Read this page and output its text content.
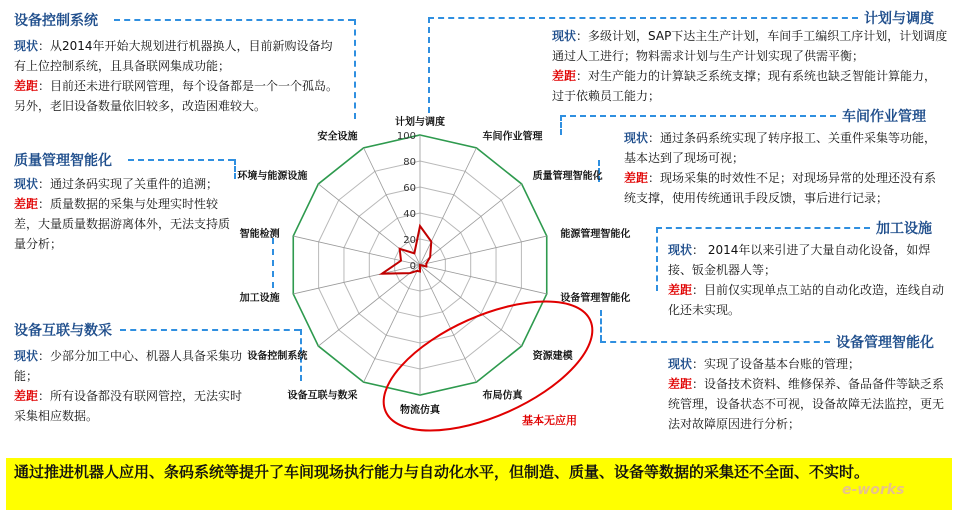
设备控制系统
现状：从2014年开始大规划进行机器换人，目前新购设备均有上位控制系统，且具备联网集成功能；
差距：目前还未进行联网管理，每个设备都是一个一个孤岛。另外，老旧设备数量依旧较多，改造困难较大。
质量管理智能化
现状：通过条码实现了关重件的追溯；
差距：质量数据的采集与处理实时性较差，大量质量数据游离体外，无法支持质量分析；
设备互联与数采
现状：少部分加工中心、机器人具备采集功能；
差距：所有设备都没有联网管控，无法实时采集相应数据。
计划与调度
现状：多级计划，SAP下达主生产计划，车间手工编织工序计划，计划调度通过人工进行；物料需求计划与生产计划实现了供需平衡；
差距：对生产能力的计算缺乏系统支撑；现有系统也缺乏智能计算能力，过于依赖员工能力；
车间作业管理
现状：通过条码系统实现了转序报工、关重件采集等功能，基本达到了现场可视；
差距：现场采集的时效性不足；对现场异常的处理还没有系统支撑，使用传统通讯手段反馈，事后进行记录；
加工设施
现状： 2014年以来引进了大量自动化设备，如焊接、钣金机器人等；
差距：目前仅实现单点工站的自动化改造，连线自动化还未实现。
设备管理智能化
现状：实现了设备基本台账的管理；
差距：设备技术资料、维修保养、备品备件等缺乏系统管理，设备状态不可视，设备故障无法监控，更无法对故障原因进行分析；
计划与调度
车间作业管理
质量管理智能化
能源管理智能化
设备管理智能化
资源建模
布局仿真
物流仿真
设备互联与数采
设备控制系统
加工设施
智能检测
环境与能源设施
安全设施
0
20
40
60
80
100
基本无应用
通过推进机器人应用、条码系统等提升了车间现场执行能力与自动化水平，但制造、质量、设备等数据的采集还不全面、不实时。
e-works
